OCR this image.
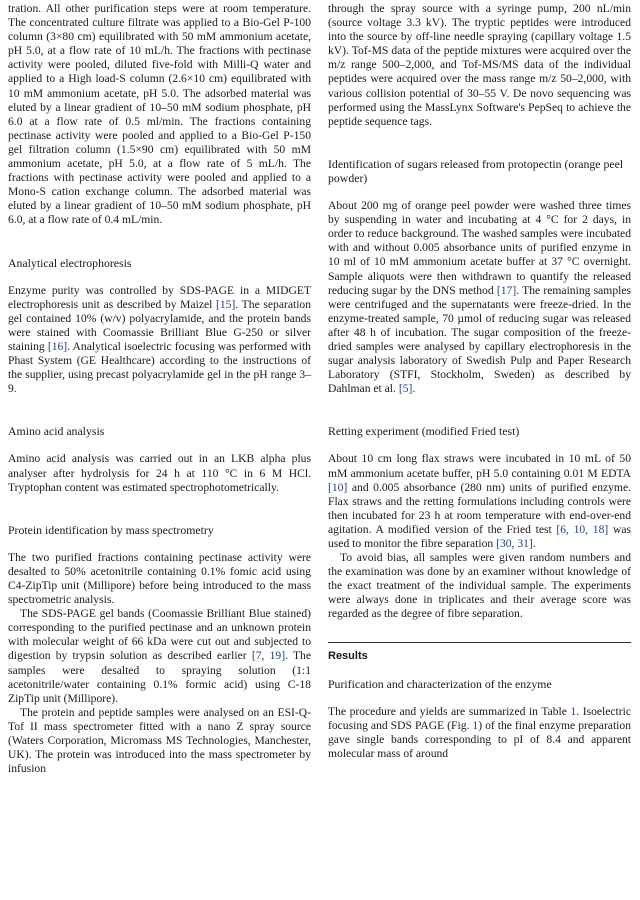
tration. All other purification steps were at room temperature. The concentrated culture filtrate was applied to a Bio-Gel P-100 column (3×80 cm) equilibrated with 50 mM ammonium acetate, pH 5.0, at a flow rate of 10 mL/h. The fractions with pectinase activity were pooled, diluted five-fold with Milli-Q water and applied to a High load-S column (2.6×10 cm) equilibrated with 10 mM ammonium acetate, pH 5.0. The adsorbed material was eluted by a linear gradient of 10–50 mM sodium phosphate, pH 6.0 at a flow rate of 0.5 ml/min. The fractions containing pectinase activity were pooled and applied to a Bio-Gel P-150 gel filtration column (1.5×90 cm) equilibrated with 50 mM ammonium acetate, pH 5.0, at a flow rate of 5 mL/h. The fractions with pectinase activity were pooled and applied to a Mono-S cation exchange column. The adsorbed material was eluted by a linear gradient of 10–50 mM sodium phosphate, pH 6.0, at a flow rate of 0.4 mL/min.

Analytical electrophoresis

Enzyme purity was controlled by SDS-PAGE in a MIDGET electrophoresis unit as described by Maizel [15]. The separation gel contained 10% (w/v) polyacrylamide, and the protein bands were stained with Coomassie Brilliant Blue G-250 or silver staining [16]. Analytical isoelectric focusing was performed with Phast System (GE Healthcare) according to the instructions of the supplier, using precast polyacrylamide gel in the pH range 3–9.

Amino acid analysis

Amino acid analysis was carried out in an LKB alpha plus analyser after hydrolysis for 24 h at 110 °C in 6 M HCl. Tryptophan content was estimated spectrophotometrically.

Protein identification by mass spectrometry

The two purified fractions containing pectinase activity were desalted to 50% acetonitrile containing 0.1% fomic acid using C4-ZipTip unit (Millipore) before being introduced to the mass spectrometric analysis.

The SDS-PAGE gel bands (Coomassie Brilliant Blue stained) corresponding to the purified pectinase and an unknown protein with molecular weight of 66 kDa were cut out and subjected to digestion by trypsin solution as described earlier [7, 19]. The samples were desalted to spraying solution (1:1 acetonitrile/water containing 0.1% formic acid) using C-18 ZipTip unit (Millipore).

The protein and peptide samples were analysed on an ESI-Q-Tof II mass spectrometer fitted with a nano Z spray source (Waters Corporation, Micromass MS Technologies, Manchester, UK). The protein was introduced into the mass spectrometer by infusion

through the spray source with a syringe pump, 200 nL/min (source voltage 3.3 kV). The tryptic peptides were introduced into the source by off-line needle spraying (capillary voltage 1.5 kV). Tof-MS data of the peptide mixtures were acquired over the m/z range 500–2,000, and Tof-MS/MS data of the individual peptides were acquired over the mass range m/z 50–2,000, with various collision potential of 30–55 V. De novo sequencing was performed using the MassLynx Software's PepSeq to achieve the peptide sequence tags.

Identification of sugars released from protopectin (orange peel powder)

About 200 mg of orange peel powder were washed three times by suspending in water and incubating at 4 °C for 2 days, in order to reduce background. The washed samples were incubated with and without 0.005 absorbance units of purified enzyme in 10 ml of 10 mM ammonium acetate buffer at 37 °C overnight. Sample aliquots were then withdrawn to quantify the released reducing sugar by the DNS method [17]. The remaining samples were centrifuged and the supernatants were freeze-dried. In the enzyme-treated sample, 70 µmol of reducing sugar was released after 48 h of incubation. The sugar composition of the freeze-dried samples were analysed by capillary electrophoresis in the sugar analysis laboratory of Swedish Pulp and Paper Research Laboratory (STFI, Stockholm, Sweden) as described by Dahlman et al. [5].

Retting experiment (modified Fried test)

About 10 cm long flax straws were incubated in 10 mL of 50 mM ammonium acetate buffer, pH 5.0 containing 0.01 M EDTA [10] and 0.005 absorbance (280 nm) units of purified enzyme. Flax straws and the retting formulations including controls were then incubated for 23 h at room temperature with end-over-end agitation. A modified version of the Fried test [6, 10, 18] was used to monitor the fibre separation [30, 31].

To avoid bias, all samples were given random numbers and the examination was done by an examiner without knowledge of the exact treatment of the individual sample. The experiments were always done in triplicates and their average score was regarded as the degree of fibre separation.

Results
Purification and characterization of the enzyme

The procedure and yields are summarized in Table 1. Isoelectric focusing and SDS PAGE (Fig. 1) of the final enzyme preparation gave single bands corresponding to pI of 8.4 and apparent molecular mass of around
